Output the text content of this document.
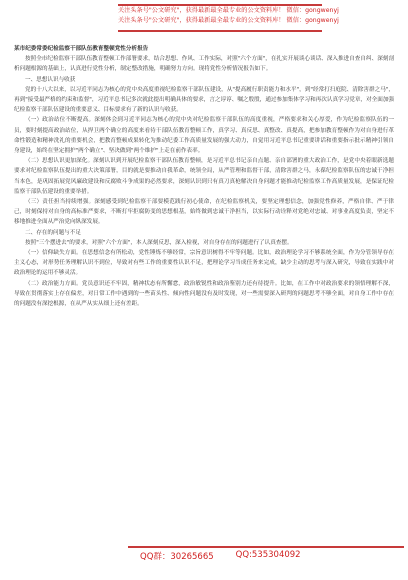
关注头条号"公文研究"，获得最新最全最专业的公文资料库！ 微信：gongwenyj
关注头条号"公文研究"，获得最新最全最专业的公文资料库！ 微信：gongwenyj

某市纪委常委纪检监察干部队伍教育整顿党性分析报告

按照全市纪检监察干部队伍教育整顿工作部署要求，结合思想、作风、工作实际，对照"六个方面"，在扎实开展谈心谈话、深入推进自查自纠、深刻剖析问题根源的基础上，认真进行党性分析，制定整改措施，明确努力方向。现将党性分析情况报告如下。

一、思想认识与收获

党的十八大以来，以习近平同志为核心的党中央高度重视纪检监察干部队伍建设，从"提高履行职责能力和水平"，到"经常打扫庭院、清除害群之马"，再到"接受最严格的约束和监督"，习近平总书记多次就此提出明确具体的要求，言之谆谆、嘱之殷殷，通过参加集体学习和再次认真学习党章，对全面加强纪检监察干部队伍建设的重要意义、目标要求有了新的认识与收获。

（一）政治站位不断提高。深刻体会到习近平同志为核心的党中央对纪检监察干部队伍的高度重视，严格要求和关心厚爱，作为纪检监察队伍的一员，要时刻提高政治站位，从捍卫两个确立的高度来看待干部队伍教育整顿工作，真学习、真反思、真整改、真提高，把参加教育整顿作为对自身进行革命性锻造和精神洗礼的重要机会，把教育整顿成果转化为推动纪委工作高质量发展的强大动力，自觉用习近平总书记重要讲话和重要指示批示精神引领自身建设，始终在坚定拥护"两个确立"、坚决做到"两个维护"上走在前作表率。

（二）思想认识更加深化。深刻认识到开展纪检监察干部队伍教育整顿，是习近平总书记亲自点题、亲自部署的重大政治工作，是党中央着眼新选题要求对纪检监察队伍提出的重大决策部署，目的就是要推动自我革命，统领全局，从严管理和监督干部，清除害群之马，永葆纪检监察队伍的忠诚干净担当本色，是巩固拓展党风廉政建设和反腐败斗争成果的必然要求，深刻认识到只有真刀真枪解决自身问题才能推动纪检监察工作高质量发展，是保证纪检监察干部队伍建设的重要举措。

（三）责任担当持续增强。深刻感受到纪检监察干部要模范践行初心使命，在纪检监察机关，要坚定理想信念，加强党性修养，严格自律、严于律己，时刻保持对自身的高标准严要求，不断打牢拒腐防变的思想根基，始终做到忠诚干净担当，以实际行动诠释对党绝对忠诚、对事业高度负责，坚定不移地推进全面从严治党向纵深发展。

二、存在的问题与不足

按照"三个摆进去"的要求，对照"六个方面"，本人深刻反思，深入检视，对自身存在的问题进行了认真查摆。

（一）信仰缺失方面。在思想信念有所松动，党性锤炼不够经常，宗旨意识树得不牢等问题。比如，政治理论学习不够系统全面，作为分管领导存在主义心态，对形势任务理解认识不到位，导致对有些工作的重要性认识不足，把理论学习当成任务来完成，缺少主动的思考与深入研究，导致在实践中对政治理论的运用不够灵活。

（二）政治能力方面。党员意识还不牢固，精神状态有所懈怠，政治敏锐性和政治鉴别力还有待提升。比如，在工作中对政治要求的领悟理解不深，导致在贯彻落实上存在偏差，对日常工作中遇到的一些苗头性、倾向性问题没有及时发现，对一些需要深入研判的问题思考不够全面，对自身工作中存在的问题没有深挖根源，在从严从实从细上还有差距。

QQ群：30265665	QQ:535304092
